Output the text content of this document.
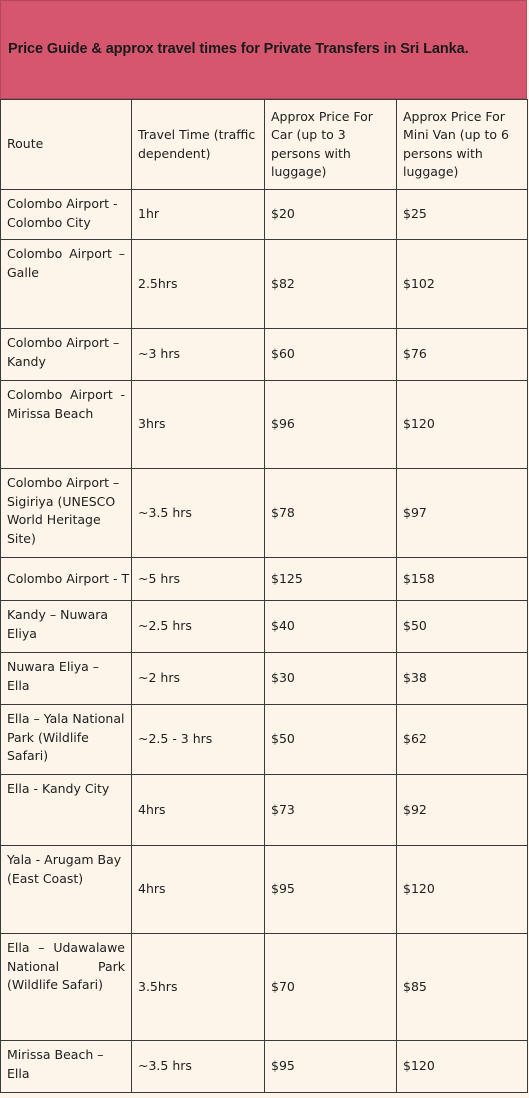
Price Guide & approx travel times for Private Transfers in Sri Lanka.
Route	Travel Time (traffic dependent)	Approx Price For Car (up to 3 persons with luggage)	Approx Price For Mini Van (up to 6 persons with luggage)
Colombo Airport - Colombo City	1hr	$20	$25
Colombo Airport – Galle	2.5hrs	$82	$102
Colombo Airport – Kandy	~3 hrs	$60	$76
Colombo Airport - Mirissa Beach	3hrs	$96	$120
Colombo Airport – Sigiriya (UNESCO World Heritage Site)	~3.5 hrs	$78	$97
Colombo Airport - T	~5 hrs	$125	$158
Kandy – Nuwara Eliya	~2.5 hrs	$40	$50
Nuwara Eliya – Ella	~2 hrs	$30	$38
Ella – Yala National Park (Wildlife Safari)	~2.5 - 3 hrs	$50	$62
Ella - Kandy City	4hrs	$73	$92
Yala - Arugam Bay (East Coast)	4hrs	$95	$120
Ella – Udawalawe National Park (Wildlife Safari)	3.5hrs	$70	$85
Mirissa Beach – Ella	~3.5 hrs	$95	$120
